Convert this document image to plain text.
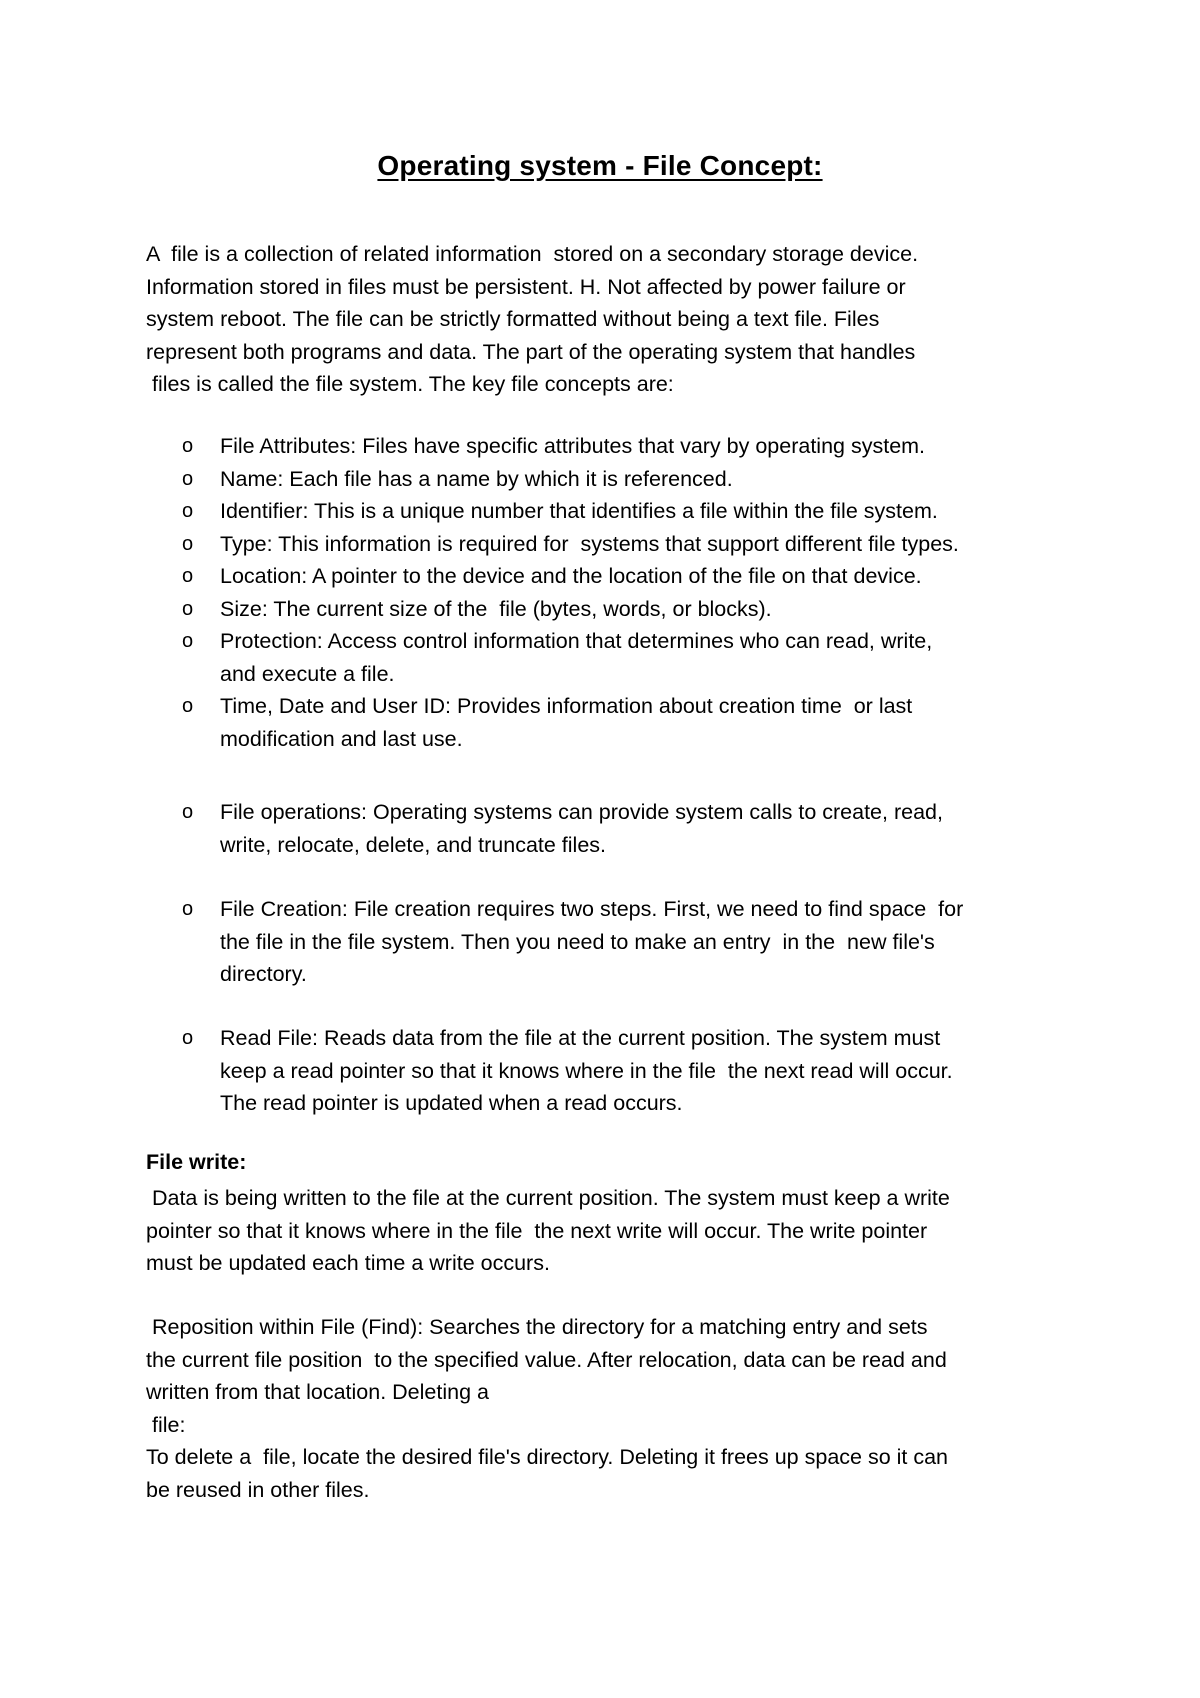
Operating system - File Concept:
A  file is a collection of related information  stored on a secondary storage device.
Information stored in files must be persistent. H. Not affected by power failure or
system reboot. The file can be strictly formatted without being a text file. Files
represent both programs and data. The part of the operating system that handles
files is called the file system. The key file concepts are:
o File Attributes: Files have specific attributes that vary by operating system.
o Name: Each file has a name by which it is referenced.
o Identifier: This is a unique number that identifies a file within the file system.
o Type: This information is required for  systems that support different file types.
o Location: A pointer to the device and the location of the file on that device.
o Size: The current size of the  file (bytes, words, or blocks).
o Protection: Access control information that determines who can read, write,
and execute a file.
o Time, Date and User ID: Provides information about creation time  or last
modification and last use.
o File operations: Operating systems can provide system calls to create, read,
write, relocate, delete, and truncate files.
o File Creation: File creation requires two steps. First, we need to find space  for
the file in the file system. Then you need to make an entry  in the  new file's
directory.
o Read File: Reads data from the file at the current position. The system must
keep a read pointer so that it knows where in the file  the next read will occur.
The read pointer is updated when a read occurs.
File write:
Data is being written to the file at the current position. The system must keep a write
pointer so that it knows where in the file  the next write will occur. The write pointer
must be updated each time a write occurs.
Reposition within File (Find): Searches the directory for a matching entry and sets
the current file position  to the specified value. After relocation, data can be read and
written from that location. Deleting a
file:
To delete a  file, locate the desired file's directory. Deleting it frees up space so it can
be reused in other files.
